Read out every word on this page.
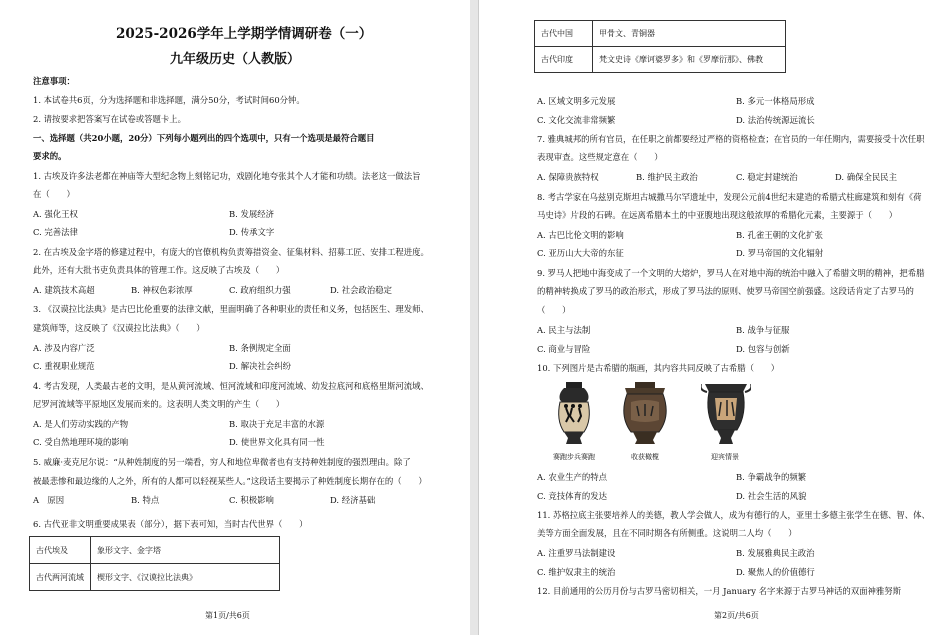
2025-2026学年上学期学情调研卷（一）
九年级历史（人教版）
注意事项：
1. 本试卷共6页，分为选择题和非选择题，满分50分，考试时间60分钟。
2. 请按要求把答案写在试卷或答题卡上。
一、选择题（共20小题，20分）下列每小题列出的四个选项中，只有一个选项是最符合题目
要求的。
1. 古埃及许多法老都在神庙等大型纪念物上刻铭记功，戏剧化地夸张其个人才能和功绩。法老这一做法旨
在（　　）
A. 强化王权	B. 发展经济
C. 完善法律	D. 传承文字
2. 在古埃及金字塔的修建过程中，有庞大的官僚机构负责筹措资金、征集材料、招募工匠、安排工程进度。
此外，还有大批书吏负责具体的管理工作。这反映了古埃及（　　）
A. 建筑技术高超	B. 神权色彩浓厚	C. 政府组织力强	D. 社会政治稳定
3. 《汉谟拉比法典》是古巴比伦重要的法律文献，里面明确了各种职业的责任和义务，包括医生、理发师、
建筑师等，这反映了《汉谟拉比法典》（　　）
A. 涉及内容广泛	B. 条例规定全面
C. 重视职业规范	D. 解决社会纠纷
4. 考古发现，人类最古老的文明，是从黄河流域、恒河流域和印度河流域、幼发拉底河和底格里斯河流域、
尼罗河流域等平原地区发展而来的。这表明人类文明的产生（　　）
A. 是人们劳动实践的产物	B. 取决于充足丰富的水源
C. 受自然地理环境的影响	D. 使世界文化具有同一性
5. 威廉·麦克尼尔说：“从种姓制度的另一端看，穷人和地位卑微者也有支持种姓制度的强烈理由。除了
被最悲惨和最边缘的人之外，所有的人都可以轻视某些人。”这段话主要揭示了种姓制度长期存在的（　　）
A　原因	B. 特点	C. 积极影响	D. 经济基础
6. 古代亚非文明重要成果表（部分），据下表可知，当时古代世界（　　）
古代埃及	象形文字、金字塔
古代两河流域	楔形文字、《汉谟拉比法典》
第1页/共6页
古代中国	甲骨文、青铜器
古代印度	梵文史诗《摩诃婆罗多》和《罗摩衍那》、佛教
A. 区域文明多元发展	B. 多元一体格局形成
C. 文化交流非常频繁	D. 法治传统源远流长
7. 雅典城邦的所有官员，在任职之前都要经过严格的资格检查；在官员的一年任期内，需要接受十次任职
表现审查。这些规定意在（　　）
A. 保障贵族特权	B. 维护民主政治	C. 稳定封建统治	D. 确保全民民主
8. 考古学家在乌兹别克斯坦古城撒马尔罕遗址中，发现公元前4世纪末建造的希腊式柱廊建筑和刻有《荷
马史诗》片段的石碑。在远离希腊本土的中亚腹地出现这般浓厚的希腊化元素，主要源于（　　）
A. 古巴比伦文明的影响	B. 孔雀王朝的文化扩张
C. 亚历山大大帝的东征	D. 罗马帝国的文化辐射
9. 罗马人把地中海变成了一个文明的大熔炉，罗马人在对地中海的统治中融入了希腊文明的精神，把希腊
的精神转换成了罗马的政治形式，形成了罗马法的原则、使罗马帝国空前强盛。这段话肯定了古罗马的
（　　）
A. 民主与法制	B. 战争与征服
C. 商业与冒险	D. 包容与创新
10. 下列图片是古希腊的瓶画，其内容共同反映了古希腊（　　）
赛跑步兵赛跑	收获橄榄	迎宾情景
A. 农业生产的特点	B. 争霸战争的频繁
C. 竞技体育的发达	D. 社会生活的风貌
11. 苏格拉底主张要培养人的美德，教人学会做人，成为有德行的人，亚里士多德主张学生在德、智、体、
美等方面全面发展，且在不同时期各有所侧重。这说明二人均（　　）
A. 注重罗马法制建设	B. 发展雅典民主政治
C. 维护奴隶主的统治	D. 聚焦人的价值德行
12. 目前通用的公历月份与古罗马密切相关，一月 January 名字来源于古罗马神话的双面神雅努斯
第2页/共6页
